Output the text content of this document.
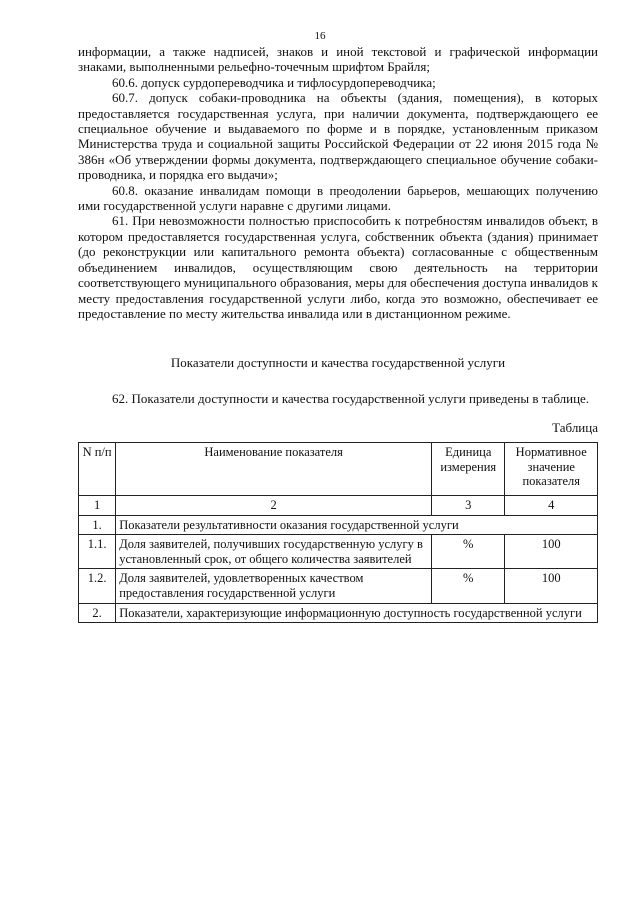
16

информации, а также надписей, знаков и иной текстовой и графической информации знаками, выполненными рельефно-точечным шрифтом Брайля;

60.6. допуск сурдопереводчика и тифлосурдопереводчика;

60.7. допуск собаки-проводника на объекты (здания, помещения), в которых предоставляется государственная услуга, при наличии документа, подтверждающего ее специальное обучение и выдаваемого по форме и в порядке, установленным приказом Министерства труда и социальной защиты Российской Федерации от 22 июня 2015 года № 386н «Об утверждении формы документа, подтверждающего специальное обучение собаки-проводника, и порядка его выдачи»;

60.8. оказание инвалидам помощи в преодолении барьеров, мешающих получению ими государственной услуги наравне с другими лицами.

61. При невозможности полностью приспособить к потребностям инвалидов объект, в котором предоставляется государственная услуга, собственник объекта (здания) принимает (до реконструкции или капитального ремонта объекта) согласованные с общественным объединением инвалидов, осуществляющим свою деятельность на территории соответствующего муниципального образования, меры для обеспечения доступа инвалидов к месту предоставления государственной услуги либо, когда это возможно, обеспечивает ее предоставление по месту жительства инвалида или в дистанционном режиме.

Показатели доступности и качества государственной услуги

62. Показатели доступности и качества государственной услуги приведены в таблице.

Таблица

N п/п	Наименование показателя	Единица измерения	Нормативное значение показателя
1	2	3	4
1.	Показатели результативности оказания государственной услуги		
1.1.	Доля заявителей, получивших государственную услугу в установленный срок, от общего количества заявителей	%	100
1.2.	Доля заявителей, удовлетворенных качеством предоставления государственной услуги	%	100
2.	Показатели, характеризующие информационную доступность государственной услуги		
